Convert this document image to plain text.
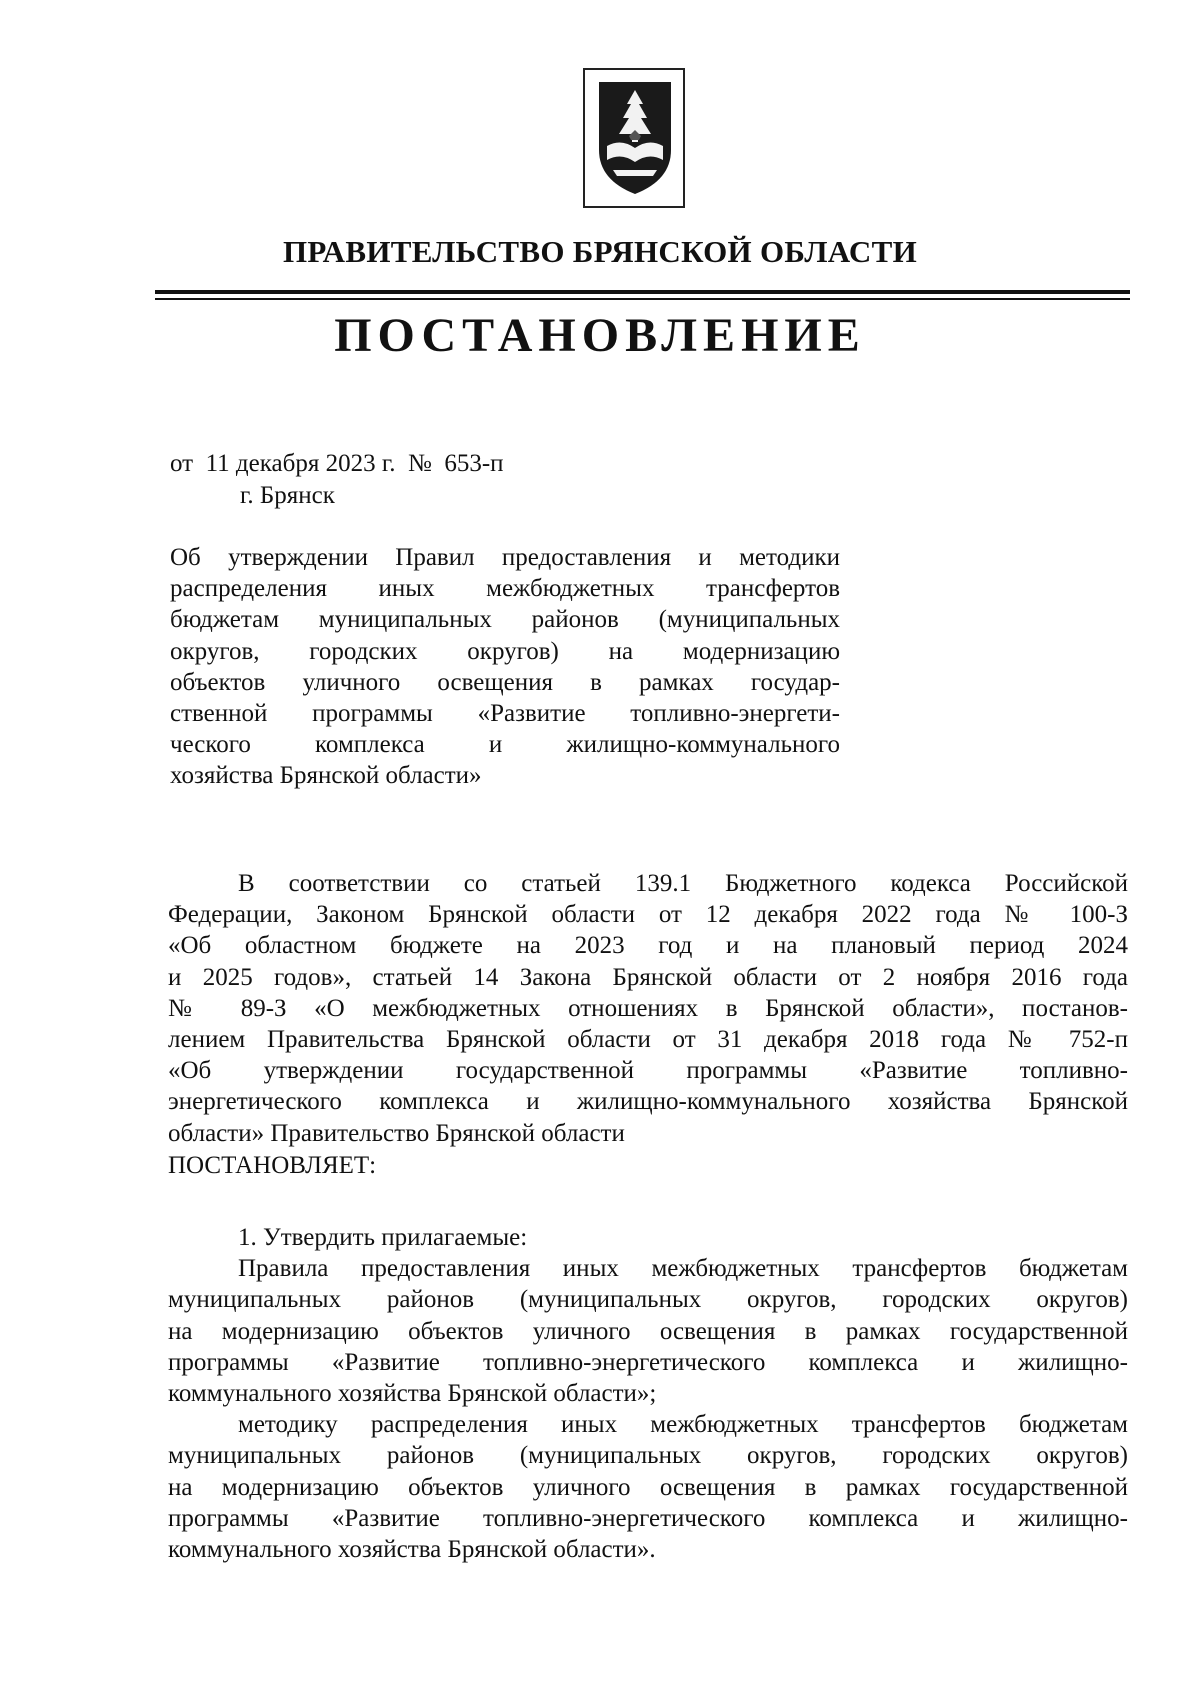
ПРАВИТЕЛЬСТВО БРЯНСКОЙ ОБЛАСТИ
ПОСТАНОВЛЕНИЕ
от  11 декабря 2023 г.  №  653-п
г. Брянск
Об утверждении Правил предоставления и методики
распределения иных межбюджетных трансфертов
бюджетам муниципальных районов (муниципальных
округов, городских округов) на модернизацию
объектов уличного освещения в рамках государ-
ственной программы «Развитие топливно-энергети-
ческого комплекса и жилищно-коммунального
хозяйства Брянской области»
В соответствии со статьей 139.1 Бюджетного кодекса Российской
Федерации, Законом Брянской области от 12 декабря 2022 года № 100-З
«Об областном бюджете на 2023 год и на плановый период 2024
и 2025 годов», статьей 14 Закона Брянской области от 2 ноября 2016 года
№ 89-З «О межбюджетных отношениях в Брянской области», постанов-
лением Правительства Брянской области от 31 декабря 2018 года № 752-п
«Об утверждении государственной программы «Развитие топливно-
энергетического комплекса и жилищно-коммунального хозяйства Брянской
области» Правительство Брянской области
ПОСТАНОВЛЯЕТ:
1. Утвердить прилагаемые:
Правила предоставления иных межбюджетных трансфертов бюджетам
муниципальных районов (муниципальных округов, городских округов)
на модернизацию объектов уличного освещения в рамках государственной
программы «Развитие топливно-энергетического комплекса и жилищно-
коммунального хозяйства Брянской области»;
методику распределения иных межбюджетных трансфертов бюджетам
муниципальных районов (муниципальных округов, городских округов)
на модернизацию объектов уличного освещения в рамках государственной
программы «Развитие топливно-энергетического комплекса и жилищно-
коммунального хозяйства Брянской области».
